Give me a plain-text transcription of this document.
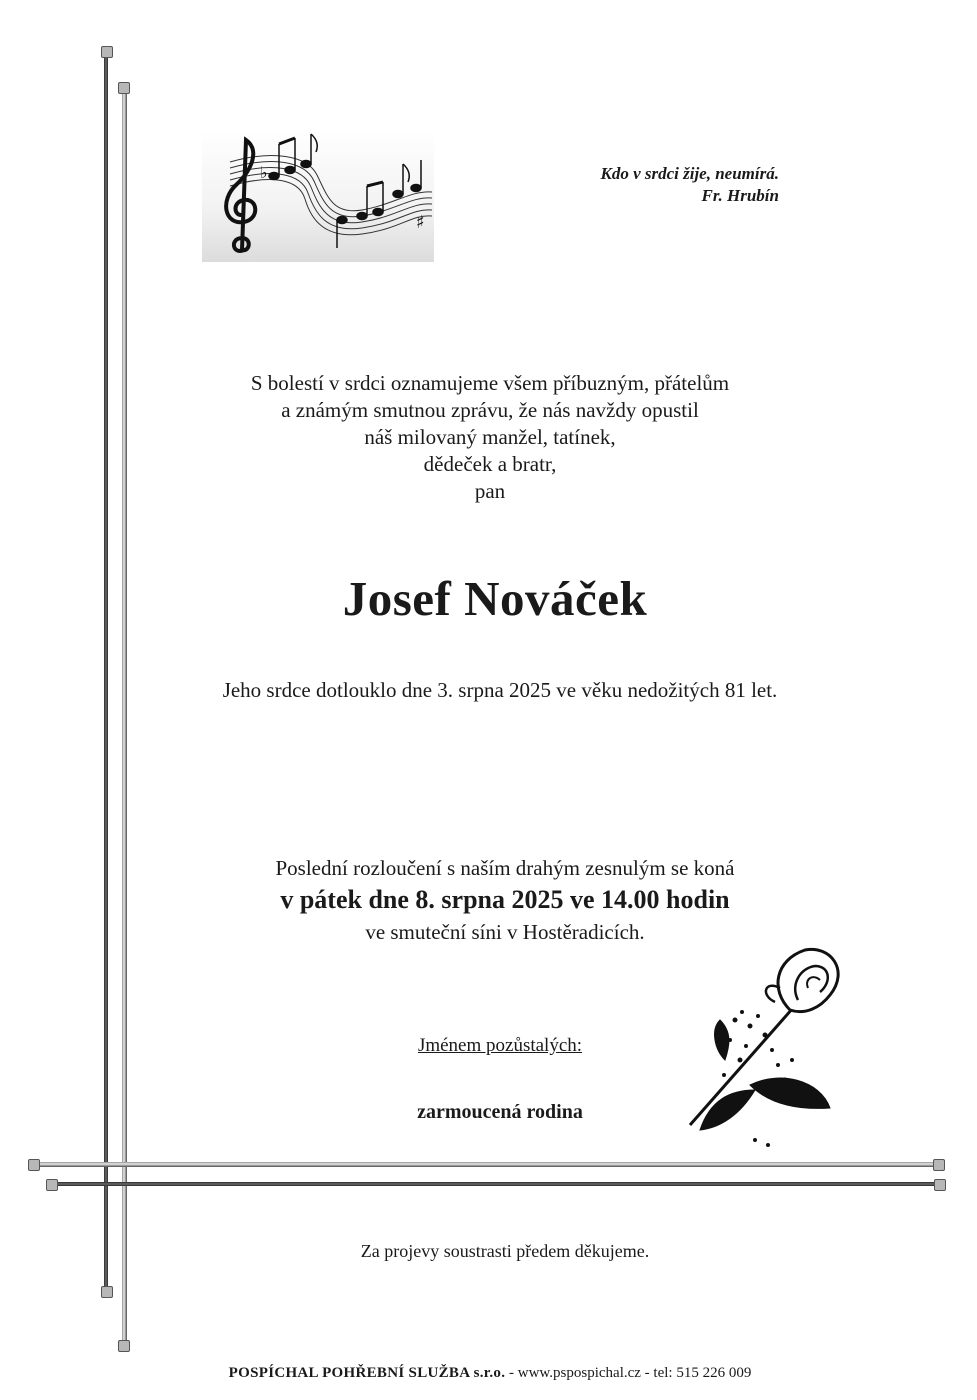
♭
♯
Kdo v srdci žije, neumírá.
Fr. Hrubín
S bolestí v srdci oznamujeme všem příbuzným, přátelům
a známým smutnou zprávu, že nás navždy opustil
náš milovaný manžel, tatínek,
dědeček a bratr,
pan
Josef Nováček
Jeho srdce dotlouklo dne 3. srpna 2025 ve věku nedožitých 81 let.
Poslední rozloučení s naším drahým zesnulým se koná
v pátek dne 8. srpna 2025 ve 14.00 hodin
ve smuteční síni v Hostěradicích.
Jménem pozůstalých:
zarmoucená rodina
Za projevy soustrasti předem děkujeme.
POSPÍCHAL POHŘEBNÍ SLUŽBA s.r.o. - www.pspospichal.cz - tel: 515 226 009
